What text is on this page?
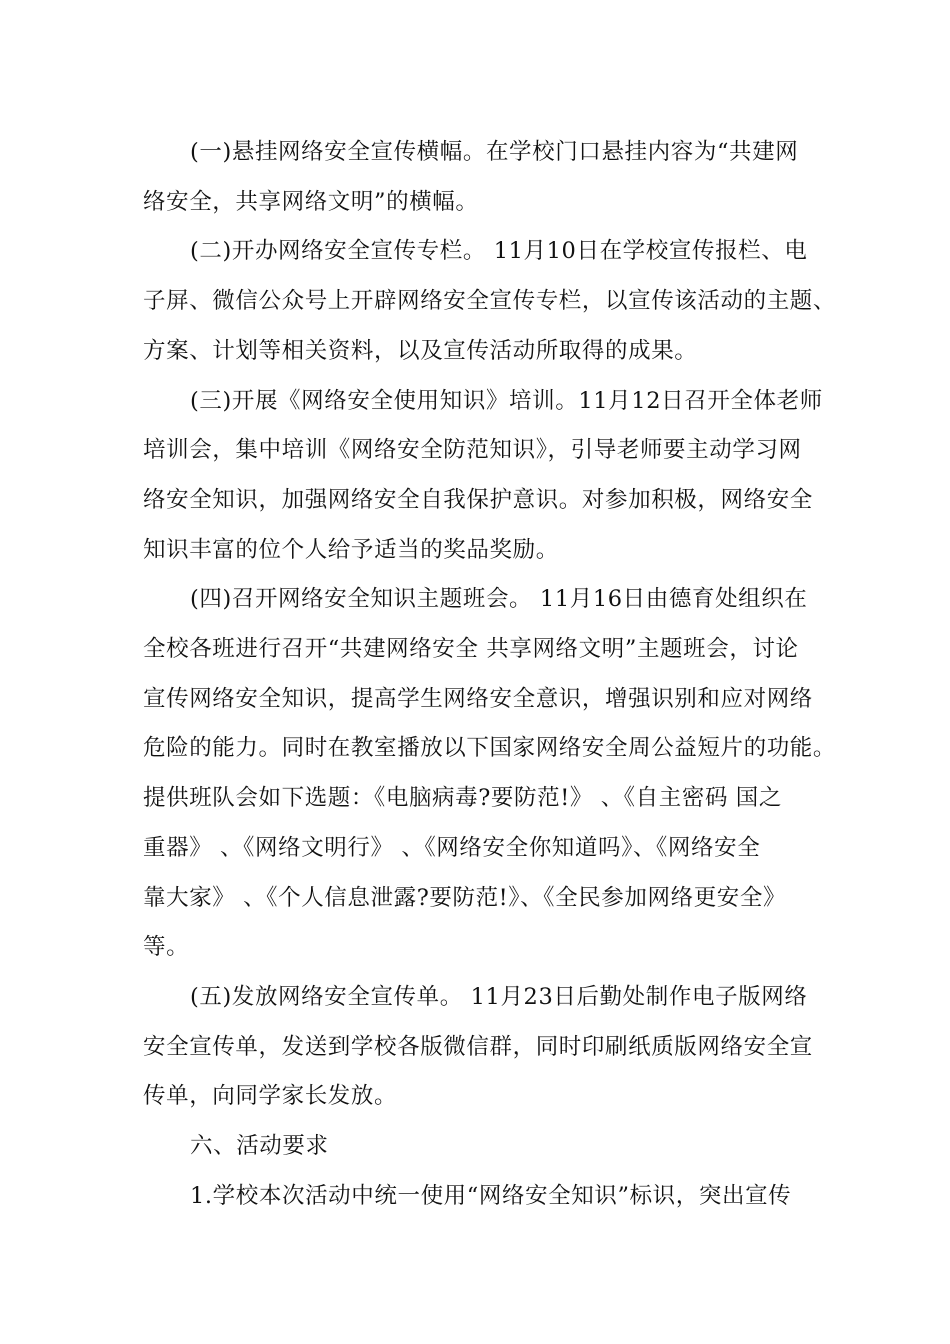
(一)悬挂网络安全宣传横幅。在学校门口悬挂内容为“共建网
络安全，共享网络文明”的横幅。
(二)开办网络安全宣传专栏。 11月10日在学校宣传报栏、电
子屏、微信公众号上开辟网络安全宣传专栏，以宣传该活动的主题、
方案、计划等相关资料，以及宣传活动所取得的成果。
(三)开展《网络安全使用知识》培训。11月12日召开全体老师
培训会，集中培训《网络安全防范知识》，引导老师要主动学习网
络安全知识，加强网络安全自我保护意识。对参加积极，网络安全
知识丰富的位个人给予适当的奖品奖励。
(四)召开网络安全知识主题班会。 11月16日由德育处组织在
全校各班进行召开“共建网络安全 共享网络文明”主题班会，讨论
宣传网络安全知识，提高学生网络安全意识，增强识别和应对网络
危险的能力。同时在教室播放以下国家网络安全周公益短片的功能。
提供班队会如下选题：《电脑病毒?要防范!》 、《自主密码 国之
重器》 、《网络文明行》 、《网络安全你知道吗》、《网络安全
靠大家》 、《个人信息泄露?要防范!》、《全民参加网络更安全》
等。
(五)发放网络安全宣传单。 11月23日后勤处制作电子版网络
安全宣传单，发送到学校各版微信群，同时印刷纸质版网络安全宣
传单，向同学家长发放。
六、活动要求
1.学校本次活动中统一使用“网络安全知识”标识，突出宣传
